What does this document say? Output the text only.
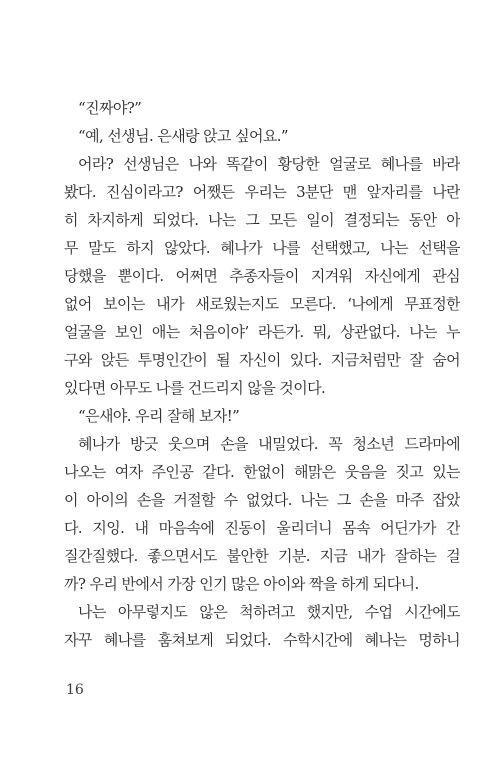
“진짜야?”
“예, 선생님. 은새랑 앉고 싶어요.”
어라? 선생님은 나와 똑같이 황당한 얼굴로 혜나를 바라
봤다. 진심이라고? 어쨌든 우리는 3분단 맨 앞자리를 나란
히 차지하게 되었다. 나는 그 모든 일이 결정되는 동안 아
무 말도 하지 않았다. 혜나가 나를 선택했고, 나는 선택을
당했을 뿐이다. 어쩌면 추종자들이 지겨워 자신에게 관심
없어 보이는 내가 새로웠는지도 모른다. ‘나에게 무표정한
얼굴을 보인 애는 처음이야’ 라든가. 뭐, 상관없다. 나는 누
구와 앉든 투명인간이 될 자신이 있다. 지금처럼만 잘 숨어
있다면 아무도 나를 건드리지 않을 것이다.
“은새야. 우리 잘해 보자!”
혜나가 방긋 웃으며 손을 내밀었다. 꼭 청소년 드라마에
나오는 여자 주인공 같다. 한없이 해맑은 웃음을 짓고 있는
이 아이의 손을 거절할 수 없었다. 나는 그 손을 마주 잡았
다. 지잉. 내 마음속에 진동이 울리더니 몸속 어딘가가 간
질간질했다. 좋으면서도 불안한 기분. 지금 내가 잘하는 걸
까? 우리 반에서 가장 인기 많은 아이와 짝을 하게 되다니.
나는 아무렇지도 않은 척하려고 했지만, 수업 시간에도
자꾸 혜나를 훔쳐보게 되었다. 수학시간에 혜나는 멍하니
16
